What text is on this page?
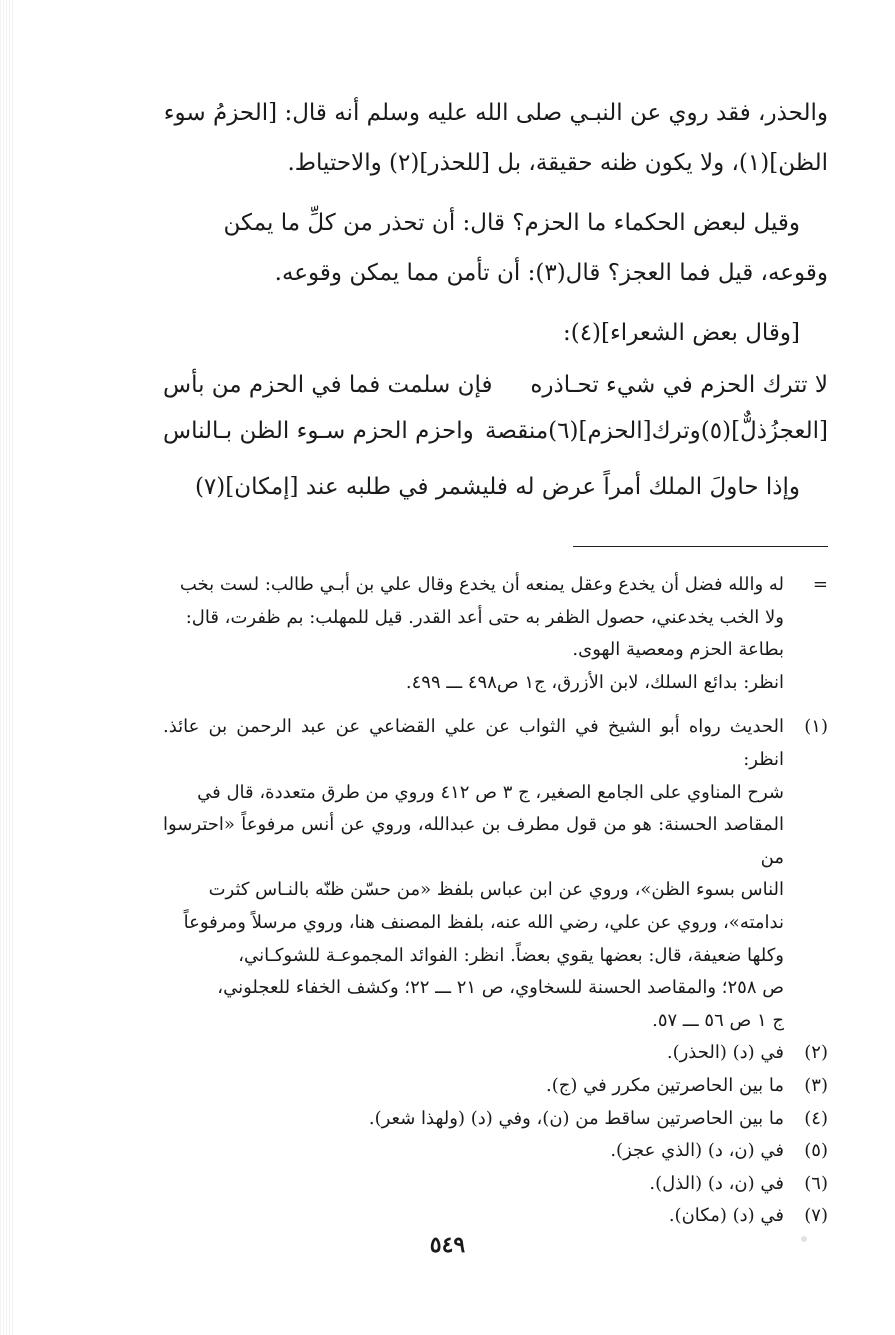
والحذر، فقد روي عن النبـي صلى الله عليه وسلم أنه قال: [الحزمُ سوء

الظن](١)، ولا يكون ظنه حقيقة، بل [للحذر](٢) والاحتياط.

وقيل لبعض الحكماء ما الحزم؟ قال: أن تحذر من كلِّ ما يمكن

وقوعه، قيل فما العجز؟ قال(٣): أن تأمن مما يمكن وقوعه.

[وقال بعض الشعراء](٤):

لا تترك الحزم في شيء تحـاذره
فإن سلمت فما في الحزم من بأس
[العجزُذلٌّ](٥)وترك[الحزم](٦)منقصة
واحزم الحزم سـوء الظن بـالناس
وإذا حاولَ الملك أمراً عرض له فليشمر في طلبه عند [إمكان](٧)
=
له والله فضل أن يخدع وعقل يمنعه أن يخدع وقال علي بن أبـي طالب: لست بخب
ولا الخب يخدعني، حصول الظفر به حتى أعد القدر. قيل للمهلب: بم ظفرت، قال:
بطاعة الحزم ومعصية الهوى.
انظر: بدائع السلك، لابن الأزرق، ج١ ص٤٩٨ ـــ ٤٩٩.
(١)
الحديث رواه أبو الشيخ في الثواب عن علي القضاعي عن عبد الرحمن بن عائذ. انظر:
شرح المناوي على الجامع الصغير، ج ٣ ص ٤١٢ وروي من طرق متعددة، قال في
المقاصد الحسنة: هو من قول مطرف بن عبدالله، وروي عن أنس مرفوعاً «احترسوا من
الناس بسوء الظن»، وروي عن ابن عباس بلفظ «من حسّن ظنّه بالنـاس كثرت
ندامته»، وروي عن علي، رضي الله عنه، بلفظ المصنف هنا، وروي مرسلاً ومرفوعاً
وكلها ضعيفة، قال: بعضها يقوي بعضاً. انظر: الفوائد المجموعـة للشوكـاني،
ص ٢٥٨؛ والمقاصد الحسنة للسخاوي، ص ٢١ ـــ ٢٢؛ وكشف الخفاء للعجلوني،
ج ١ ص ٥٦ ـــ ٥٧.
(٢)
في (د) (الحذر).
(٣)
ما بين الحاصرتين مكرر في (ج).
(٤)
ما بين الحاصرتين ساقط من (ن)، وفي (د) (ولهذا شعر).
(٥)
في (ن، د) (الذي عجز).
(٦)
في (ن، د) (الذل).
(٧)
في (د) (مكان).
٥٤٩
